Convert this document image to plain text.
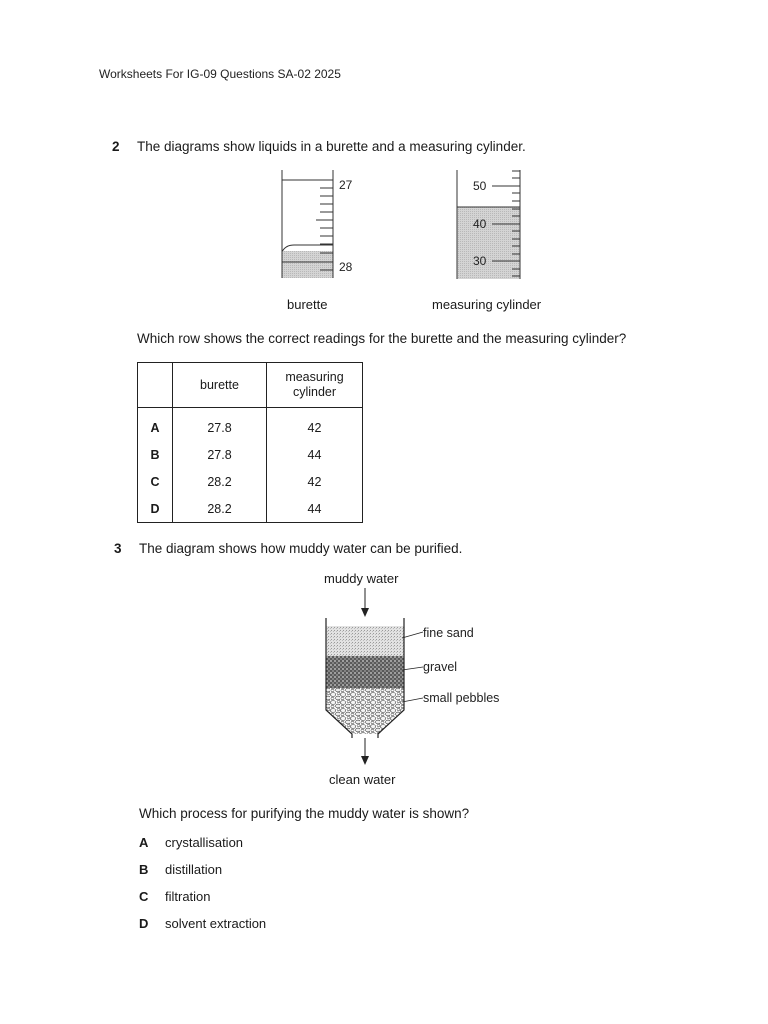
Worksheets For IG-09 Questions SA-02 2025
2 The diagrams show liquids in a burette and a measuring cylinder.
27
28
burette
50
40
30
measuring cylinder
Which row shows the correct readings for the burette and the measuring cylinder?
	burette	measuring
cylinder
A	27.8	42
B	27.8	44
C	28.2	42
D	28.2	44
3 The diagram shows how muddy water can be purified.
muddy water
fine sand
gravel
small pebbles
clean water
Which process for purifying the muddy water is shown?
A crystallisation
B distillation
C filtration
D solvent extraction
